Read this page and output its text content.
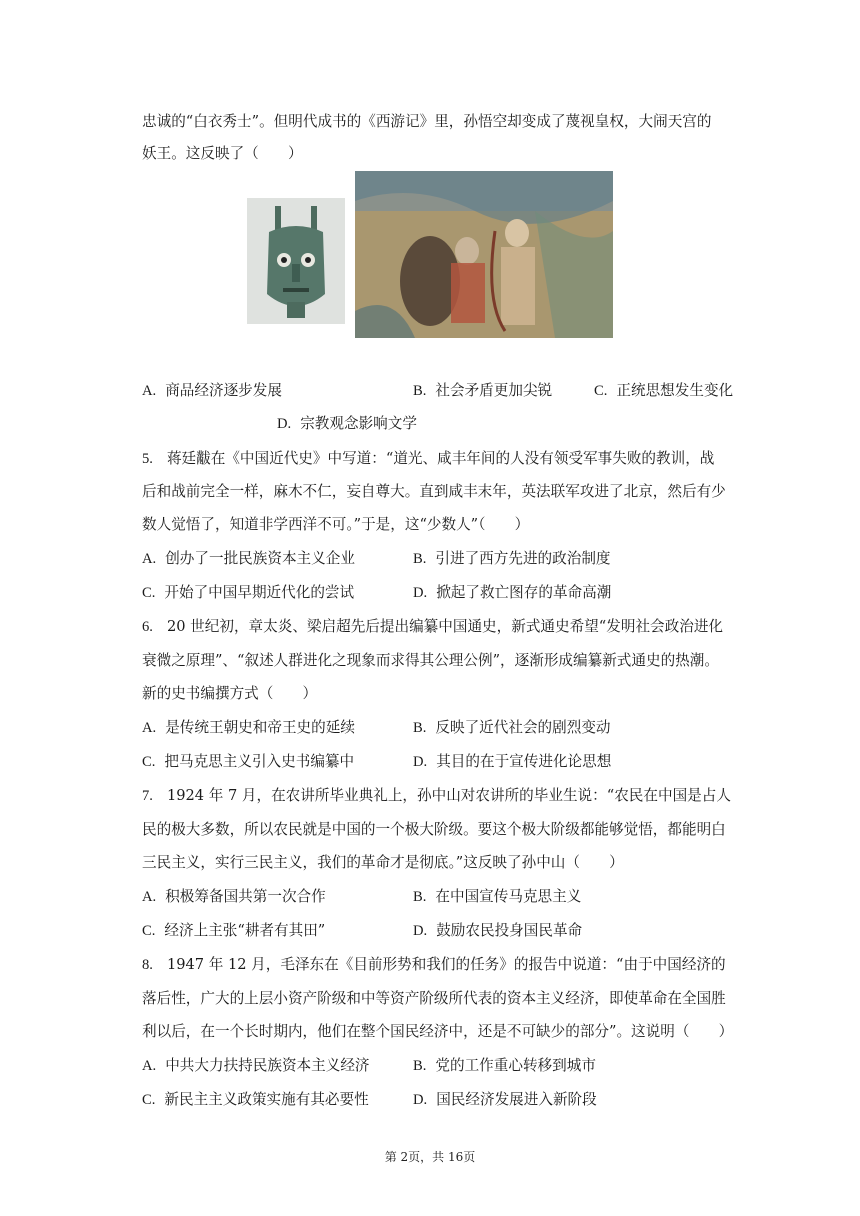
忠诚的“白衣秀士”。但明代成书的《西游记》里，孙悟空却变成了蔑视皇权，大闹天宫的
妖王。这反映了（　　）
A. 商品经济逐步发展	B. 社会矛盾更加尖锐	C. 正统思想发生变化
D. 宗教观念影响文学
5. 蒋廷黻在《中国近代史》中写道：“道光、咸丰年间的人没有领受军事失败的教训，战
后和战前完全一样，麻木不仁，妄自尊大。直到咸丰末年，英法联军攻进了北京，然后有少
数人觉悟了，知道非学西洋不可。”于是，这“少数人”（　　）
A. 创办了一批民族资本主义企业	B. 引进了西方先进的政治制度
C. 开始了中国早期近代化的尝试	D. 掀起了救亡图存的革命高潮
6. 20 世纪初，章太炎、梁启超先后提出编纂中国通史，新式通史希望“发明社会政治进化
衰微之原理”、“叙述人群进化之现象而求得其公理公例”，逐渐形成编纂新式通史的热潮。
新的史书编撰方式（　　）
A. 是传统王朝史和帝王史的延续	B. 反映了近代社会的剧烈变动
C. 把马克思主义引入史书编纂中	D. 其目的在于宣传进化论思想
7. 1924 年 7 月，在农讲所毕业典礼上，孙中山对农讲所的毕业生说：“农民在中国是占人
民的极大多数，所以农民就是中国的一个极大阶级。要这个极大阶级都能够觉悟，都能明白
三民主义，实行三民主义，我们的革命才是彻底。”这反映了孙中山（　　）
A. 积极筹备国共第一次合作	B. 在中国宣传马克思主义
C. 经济上主张“耕者有其田”	D. 鼓励农民投身国民革命
8. 1947 年 12 月，毛泽东在《目前形势和我们的任务》的报告中说道：“由于中国经济的
落后性，广大的上层小资产阶级和中等资产阶级所代表的资本主义经济，即使革命在全国胜
利以后，在一个长时期内，他们在整个国民经济中，还是不可缺少的部分”。这说明（　　）
A. 中共大力扶持民族资本主义经济	B. 党的工作重心转移到城市
C. 新民主主义政策实施有其必要性	D. 国民经济发展进入新阶段
第 2页，共 16页
